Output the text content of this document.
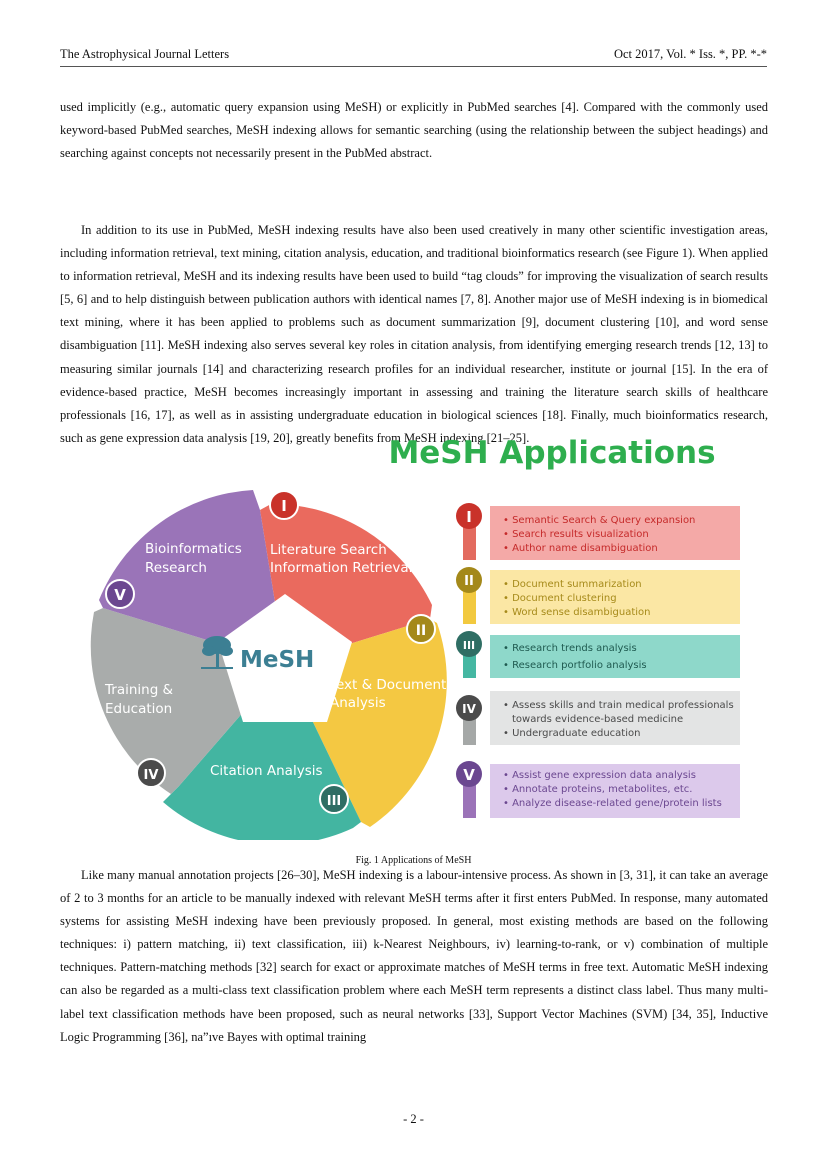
The Astrophysical Journal Letters	Oct 2017, Vol. * Iss. *, PP. *-*

used implicitly (e.g., automatic query expansion using MeSH) or explicitly in PubMed searches [4]. Compared with the commonly used keyword-based PubMed searches, MeSH indexing allows for semantic searching (using the relationship between the subject headings) and searching against concepts not necessarily present in the PubMed abstract.

In addition to its use in PubMed, MeSH indexing results have also been used creatively in many other scientific investigation areas, including information retrieval, text mining, citation analysis, education, and traditional bioinformatics research (see Figure 1). When applied to information retrieval, MeSH and its indexing results have been used to build “tag clouds” for improving the visualization of search results [5, 6] and to help distinguish between publication authors with identical names [7, 8]. Another major use of MeSH indexing is in biomedical text mining, where it has been applied to problems such as document summarization [9], document clustering [10], and word sense disambiguation [11]. MeSH indexing also serves several key roles in citation analysis, from identifying emerging research trends [12, 13] to measuring similar journals [14] and characterizing research profiles for an individual researcher, institute or journal [15]. In the era of evidence-based practice, MeSH becomes increasingly important in assessing and training the literature search skills of healthcare professionals [16, 17], as well as in assisting undergraduate education in biological sciences [18]. Finally, much bioinformatics research, such as gene expression data analysis [19, 20], greatly benefits from MeSH indexing [21–25].

MeSH Applications
Literature Search
Information Retrieval
Text & Document
Analysis
Citation Analysis
Training &
Education
Bioinformatics
Research
MeSH
I
II
III
IV
V
I	• Semantic Search & Query expansion
• Search results visualization
• Author name disambiguation
II	• Document summarization
• Document clustering
• Word sense disambiguation
III	• Research trends analysis
• Research portfolio analysis
IV	• Assess skills and train medical professionals towards evidence-based medicine
• Undergraduate education
V	• Assist gene expression data analysis
• Annotate proteins, metabolites, etc.
• Analyze disease-related gene/protein lists
Fig. 1 Applications of MeSH

Like many manual annotation projects [26–30], MeSH indexing is a labour-intensive process. As shown in [3, 31], it can take an average of 2 to 3 months for an article to be manually indexed with relevant MeSH terms after it first enters PubMed. In response, many automated systems for assisting MeSH indexing have been previously proposed. In general, most existing methods are based on the following techniques: i) pattern matching, ii) text classification, iii) k-Nearest Neighbours, iv) learning-to-rank, or v) combination of multiple techniques. Pattern-matching methods [32] search for exact or approximate matches of MeSH terms in free text. Automatic MeSH indexing can also be regarded as a multi-class text classification problem where each MeSH term represents a distinct class label. Thus many multi-label text classification methods have been proposed, such as neural networks [33], Support Vector Machines (SVM) [34, 35], Inductive Logic Programming [36], na”ıve Bayes with optimal training

- 2 -
